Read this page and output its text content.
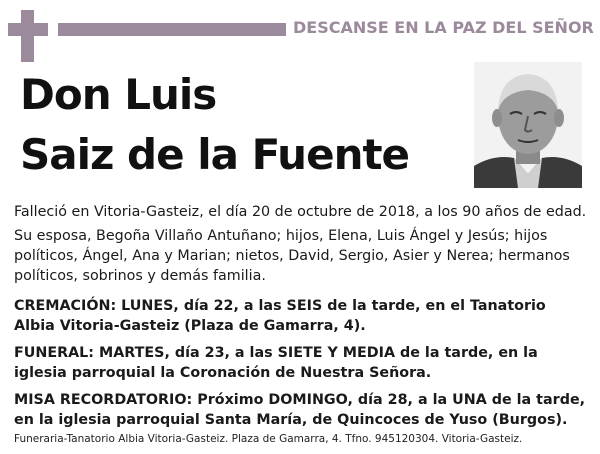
DESCANSE EN LA PAZ DEL SEÑOR
Don Luis
Saiz de la Fuente
Falleció en Vitoria-Gasteiz, el día 20 de octubre de 2018, a los 90 años de edad.
Su esposa, Begoña Villaño Antuñano; hijos, Elena, Luis Ángel y Jesús; hijos políticos, Ángel, Ana y Marian; nietos, David, Sergio, Asier y Nerea; hermanos políticos, sobrinos y demás familia.
CREMACIÓN: LUNES, día 22, a las SEIS de la tarde, en el Tanatorio Albia Vitoria-Gasteiz (Plaza de Gamarra, 4).
FUNERAL: MARTES, día 23, a las SIETE Y MEDIA de la tarde, en la iglesia parroquial la Coronación de Nuestra Señora.
MISA RECORDATORIO: Próximo DOMINGO, día 28, a la UNA de la tarde, en la iglesia parroquial Santa María, de Quincoces de Yuso (Burgos).
Funeraria-Tanatorio Albia Vitoria-Gasteiz. Plaza de Gamarra, 4. Tfno. 945120304. Vitoria-Gasteiz.
